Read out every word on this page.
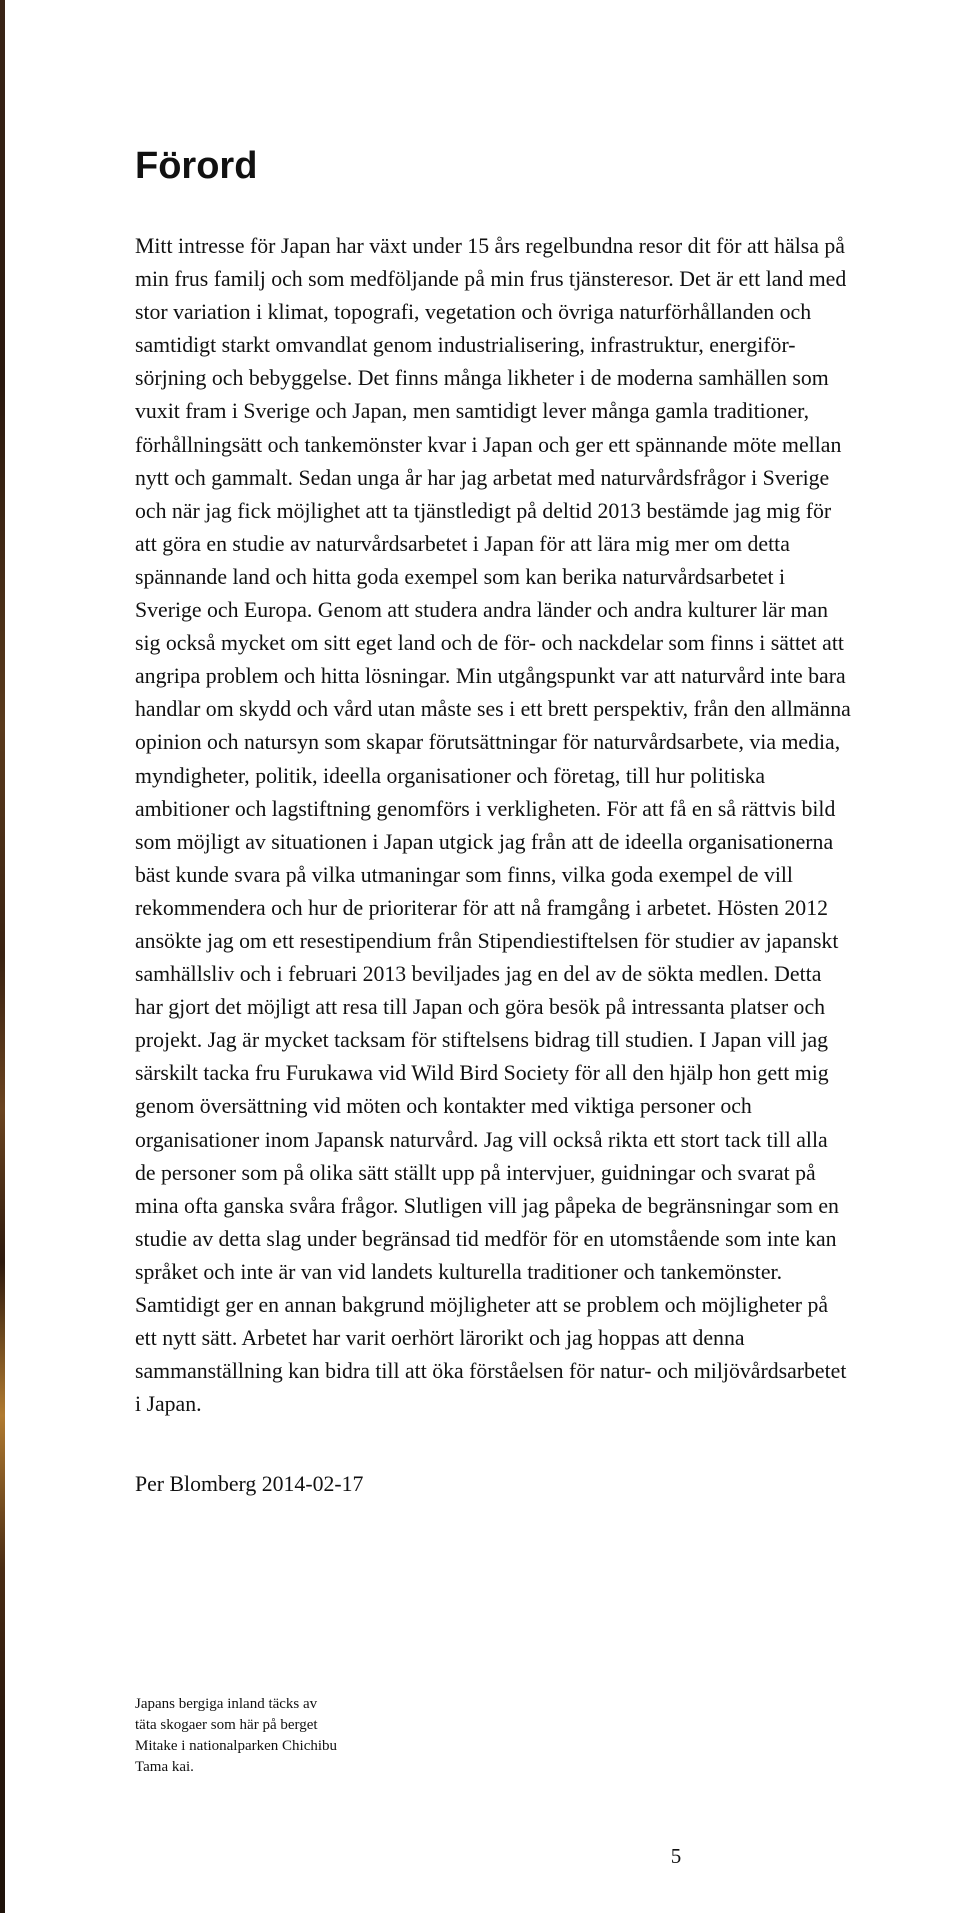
Förord

Mitt intresse för Japan har växt under 15 års regelbundna resor dit för att hälsa på
min frus familj och som medföljande på min frus tjänsteresor. Det är ett land med
stor variation i klimat, topografi, vegetation och övriga naturförhållanden och
samtidigt starkt omvandlat genom industrialisering, infrastruktur, energiför-
sörjning och bebyggelse. Det finns många likheter i de moderna samhällen som
vuxit fram i Sverige och Japan, men samtidigt lever många gamla traditioner,
förhållningsätt och tankemönster kvar i Japan och ger ett spännande möte mellan
nytt och gammalt. Sedan unga år har jag arbetat med naturvårdsfrågor i Sverige
och när jag fick möjlighet att ta tjänstledigt på deltid 2013 bestämde jag mig för
att göra en studie av naturvårdsarbetet i Japan för att lära mig mer om detta
spännande land och hitta goda exempel som kan berika naturvårdsarbetet i
Sverige och Europa. Genom att studera andra länder och andra kulturer lär man
sig också mycket om sitt eget land och de för- och nackdelar som finns i sättet att
angripa problem och hitta lösningar. Min utgångspunkt var att naturvård inte bara
handlar om skydd och vård utan måste ses i ett brett perspektiv, från den allmänna
opinion och natursyn som skapar förutsättningar för naturvårdsarbete, via media,
myndigheter, politik, ideella organisationer och företag, till hur politiska
ambitioner och lagstiftning genomförs i verkligheten. För att få en så rättvis bild
som möjligt av situationen i Japan utgick jag från att de ideella organisationerna
bäst kunde svara på vilka utmaningar som finns, vilka goda exempel de vill
rekommendera och hur de prioriterar för att nå framgång i arbetet. Hösten 2012
ansökte jag om ett resestipendium från Stipendiestiftelsen för studier av japanskt
samhällsliv och i februari 2013 beviljades jag en del av de sökta medlen. Detta
har gjort det möjligt att resa till Japan och göra besök på intressanta platser och
projekt. Jag är mycket tacksam för stiftelsens bidrag till studien. I Japan vill jag
särskilt tacka fru Furukawa vid Wild Bird Society för all den hjälp hon gett mig
genom översättning vid möten och kontakter med viktiga personer och
organisationer inom Japansk naturvård. Jag vill också rikta ett stort tack till alla
de personer som på olika sätt ställt upp på intervjuer, guidningar och svarat på
mina ofta ganska svåra frågor. Slutligen vill jag påpeka de begränsningar som en
studie av detta slag under begränsad tid medför för en utomstående som inte kan
språket och inte är van vid landets kulturella traditioner och tankemönster.
Samtidigt ger en annan bakgrund möjligheter att se problem och möjligheter på
ett nytt sätt. Arbetet har varit oerhört lärorikt och jag hoppas att denna
sammanställning kan bidra till att öka förståelsen för natur- och miljövårdsarbetet
i Japan.

Per Blomberg 2014-02-17

Japans bergiga inland täcks av
täta skogaer som här på berget
Mitake i nationalparken Chichibu
Tama kai.

5
